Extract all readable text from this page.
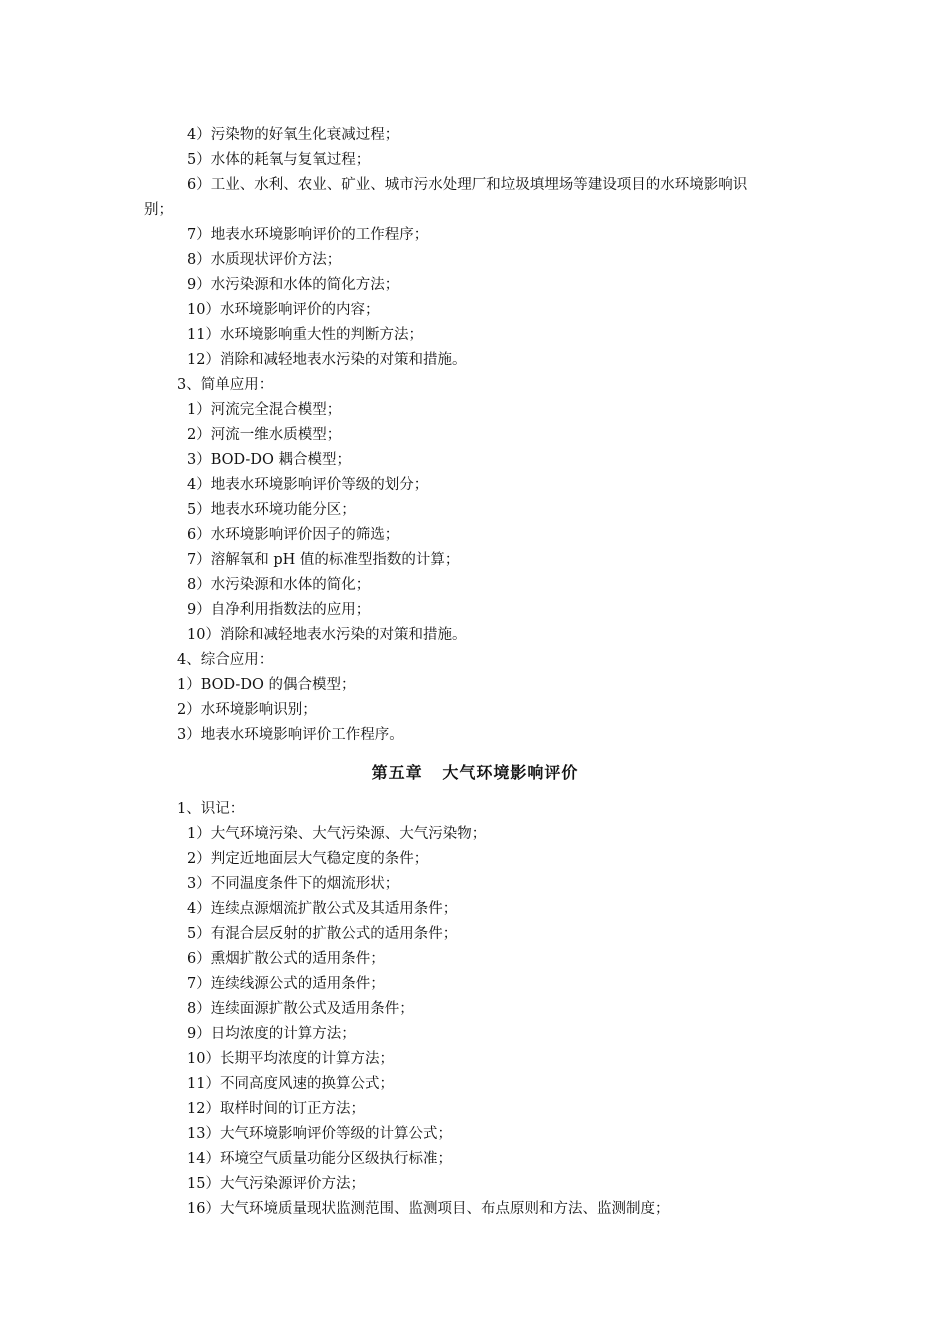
4）污染物的好氧生化衰减过程；
5）水体的耗氧与复氧过程；
6）工业、水利、农业、矿业、城市污水处理厂和垃圾填埋场等建设项目的水环境影响识
别；
7）地表水环境影响评价的工作程序；
8）水质现状评价方法；
9）水污染源和水体的简化方法；
10）水环境影响评价的内容；
11）水环境影响重大性的判断方法；
12）消除和减轻地表水污染的对策和措施。
3、简单应用：
1）河流完全混合模型；
2）河流一维水质模型；
3）BOD-DO 耦合模型；
4）地表水环境影响评价等级的划分；
5）地表水环境功能分区；
6）水环境影响评价因子的筛选；
7）溶解氧和 pH 值的标准型指数的计算；
8）水污染源和水体的简化；
9）自净利用指数法的应用；
10）消除和减轻地表水污染的对策和措施。
4、综合应用：
1）BOD-DO 的偶合模型；
2）水环境影响识别；
3）地表水环境影响评价工作程序。
第五章   大气环境影响评价
1、识记：
1）大气环境污染、大气污染源、大气污染物；
2）判定近地面层大气稳定度的条件；
3）不同温度条件下的烟流形状；
4）连续点源烟流扩散公式及其适用条件；
5）有混合层反射的扩散公式的适用条件；
6）熏烟扩散公式的适用条件；
7）连续线源公式的适用条件；
8）连续面源扩散公式及适用条件；
9）日均浓度的计算方法；
10）长期平均浓度的计算方法；
11）不同高度风速的换算公式；
12）取样时间的订正方法；
13）大气环境影响评价等级的计算公式；
14）环境空气质量功能分区级执行标准；
15）大气污染源评价方法；
16）大气环境质量现状监测范围、监测项目、布点原则和方法、监测制度；
